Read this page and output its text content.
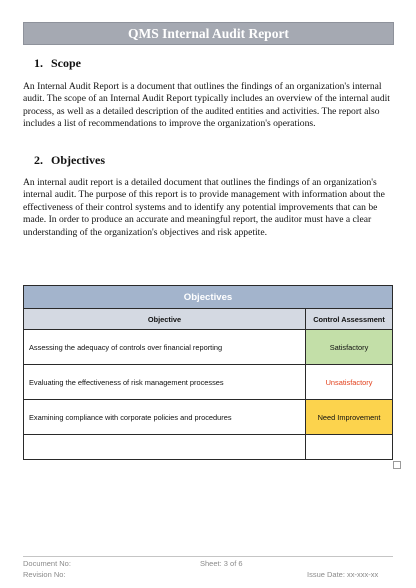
QMS Internal Audit Report
1. Scope

An Internal Audit Report is a document that outlines the findings of an organization's internal audit. The scope of an Internal Audit Report typically includes an overview of the internal audit process, as well as a detailed description of the audited entities and activities. The report also includes a list of recommendations to improve the organization's operations.

2. Objectives

An internal audit report is a detailed document that outlines the findings of an organization's internal audit. The purpose of this report is to provide management with information about the effectiveness of their control systems and to identify any potential improvements that can be made. In order to produce an accurate and meaningful report, the auditor must have a clear understanding of the organization's objectives and risk appetite.

Objectives	
Objective	Control Assessment
Assessing the adequacy of controls over financial reporting	Satisfactory
Evaluating the effectiveness of risk management processes	Unsatisfactory
Examining compliance with corporate policies and procedures	Need Improvement

Document No:
Revision No:
Sheet: 3 of 6
Issue Date: xx-xxx-xx
